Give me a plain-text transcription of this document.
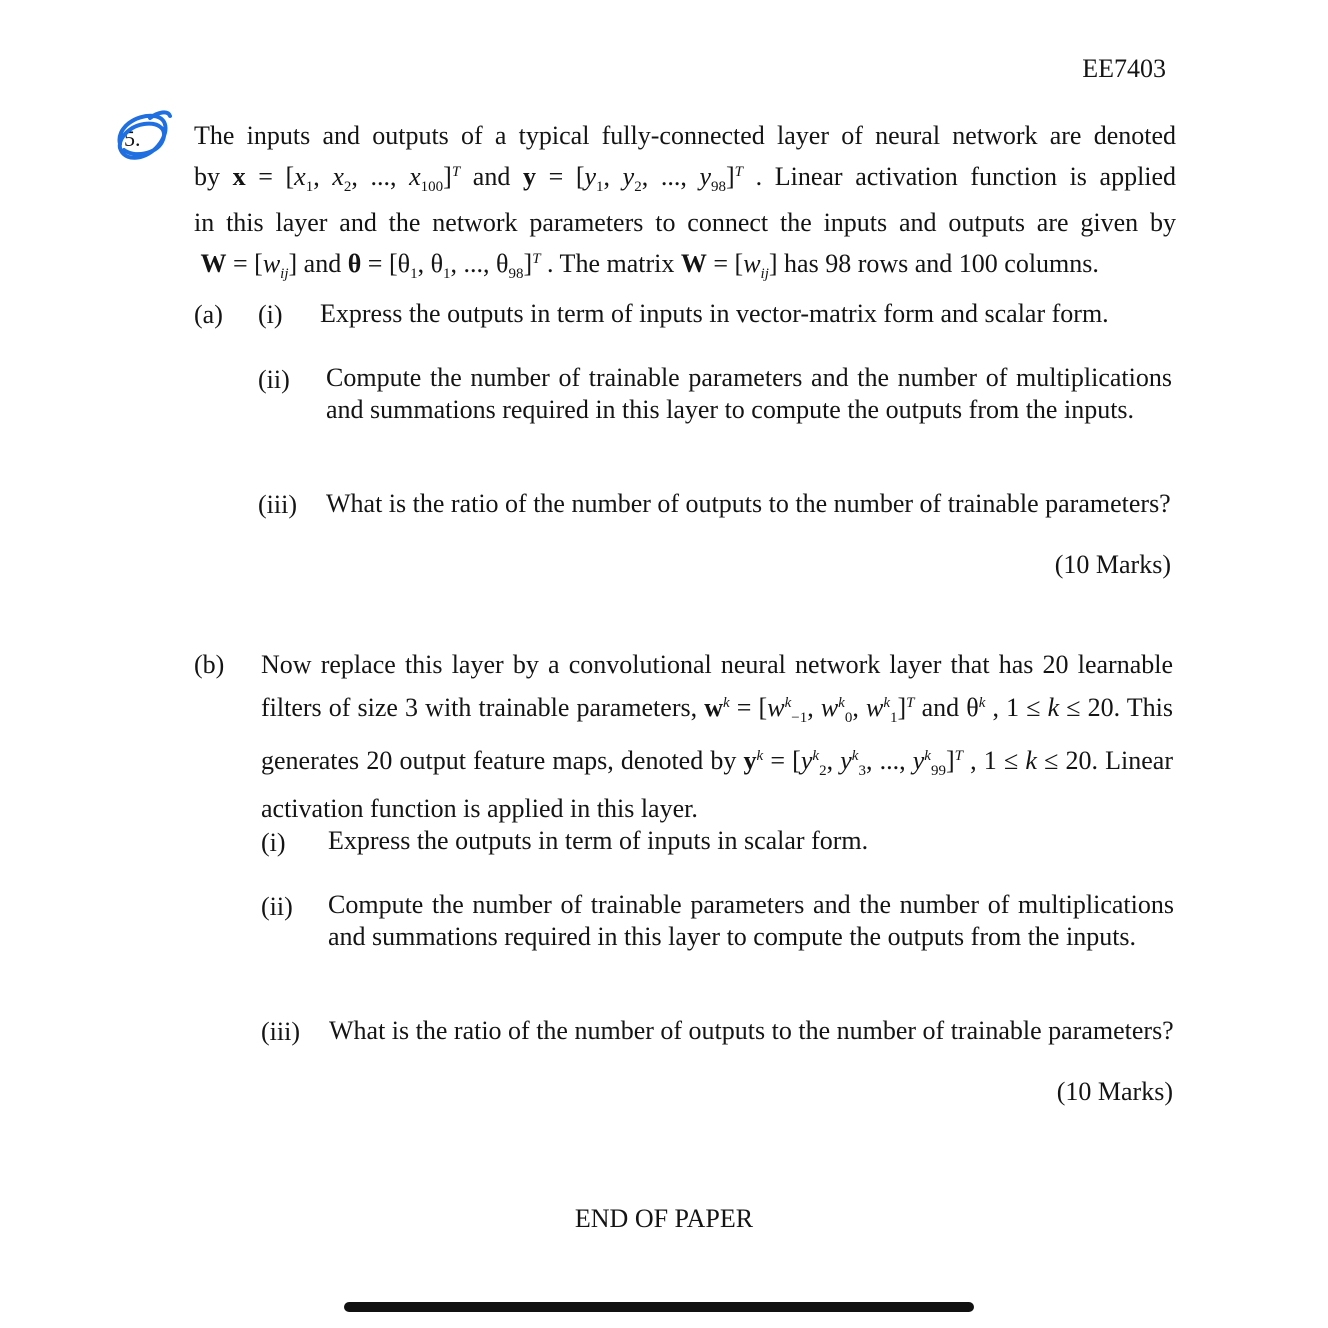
EE7403
5. The inputs and outputs of a typical fully-connected layer of neural network are denoted
by $x = [x_1$, $x_2$, ..., $x_{100}]^T$ and $y = [y_1$, $y_2$, ..., $y_{98}]^T$ . Linear activation function is applied
in this layer and the network parameters to connect the inputs and outputs are given by
$W = [w_{ij}]$ and $\theta = [\theta_1$, $\theta_1$, ..., $\theta_{98}]^T$ . The matrix $W = [w_{ij}]$ has 98 rows and 100 columns.
(a) (i) Express the outputs in term of inputs in vector-matrix form and scalar form.
(ii) Compute the number of trainable parameters and the number of multiplications and summations required in this layer to compute the outputs from the inputs.
(iii) What is the ratio of the number of outputs to the number of trainable parameters?
(10 Marks)
(b) Now replace this layer by a convolutional neural network layer that has 20 learnable filters of size 3 with trainable parameters, $w^k = [w^k_{-1}$, $w^k_0$, $w^k_1]^T$ and $\theta^k$ , 1 ≤ k ≤ 20. This generates 20 output feature maps, denoted by $y^k = [y^k_2$, $y^k_3$, ..., $y^k_{99}]^T$ , 1 ≤ k ≤ 20. Linear activation function is applied in this layer.
(i) Express the outputs in term of inputs in scalar form.
(ii) Compute the number of trainable parameters and the number of multiplications and summations required in this layer to compute the outputs from the inputs.
(iii) What is the ratio of the number of outputs to the number of trainable parameters?
(10 Marks)
END OF PAPER
